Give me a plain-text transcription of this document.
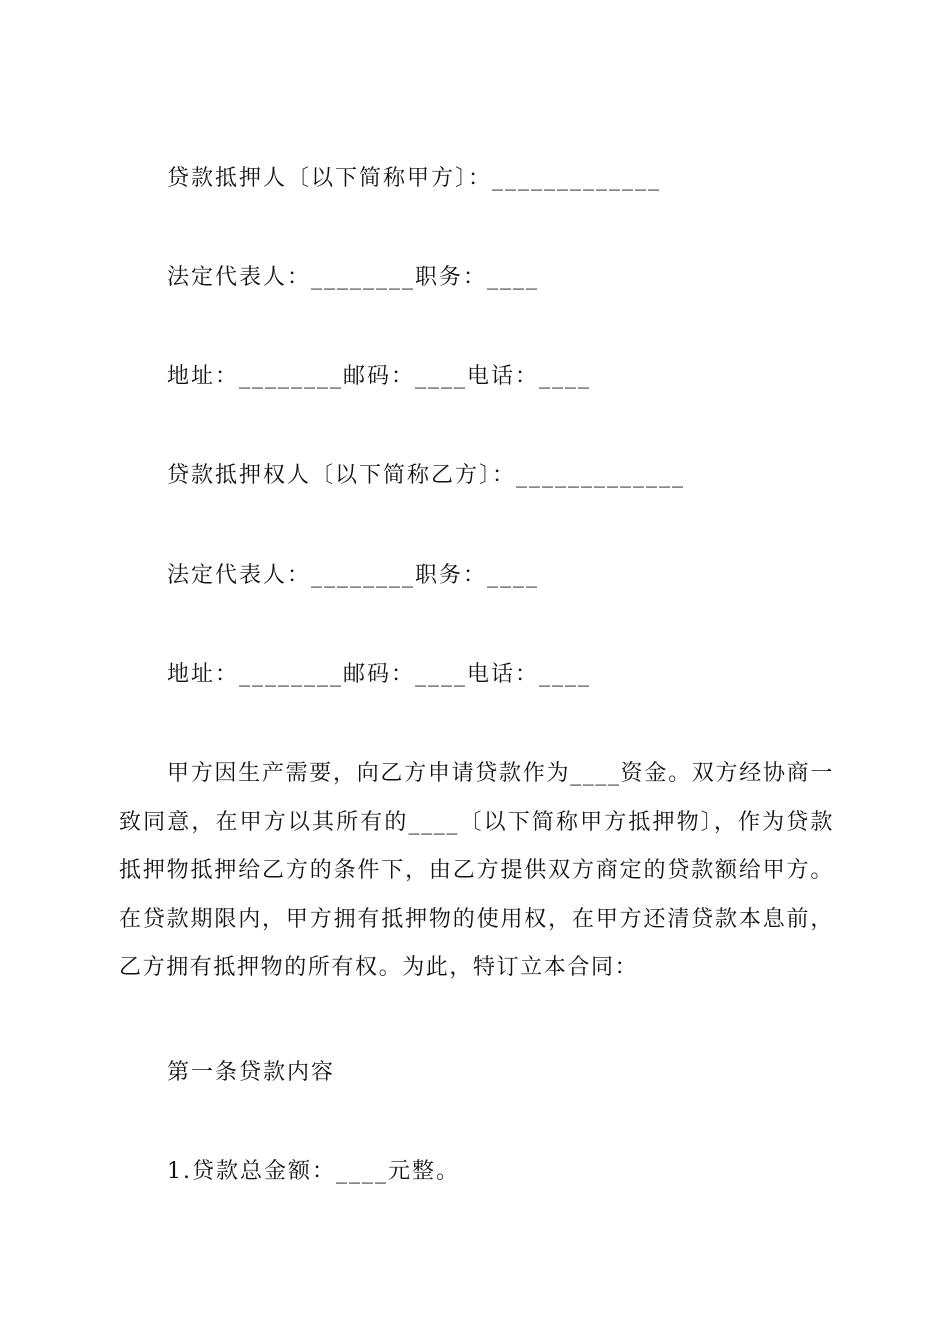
贷款抵押人〔以下简称甲方〕：_____________
法定代表人：________职务：____
地址：________邮码：____电话：____
贷款抵押权人〔以下简称乙方〕：_____________
法定代表人：________职务：____
地址：________邮码：____电话：____
甲方因生产需要，向乙方申请贷款作为____资金。双方经协商一致同意，在甲方以其所有的____〔以下简称甲方抵押物〕，作为贷款抵押物抵押给乙方的条件下，由乙方提供双方商定的贷款额给甲方。在贷款期限内，甲方拥有抵押物的使用权，在甲方还清贷款本息前，乙方拥有抵押物的所有权。为此，特订立本合同：
第一条贷款内容
1.贷款总金额：____元整。
